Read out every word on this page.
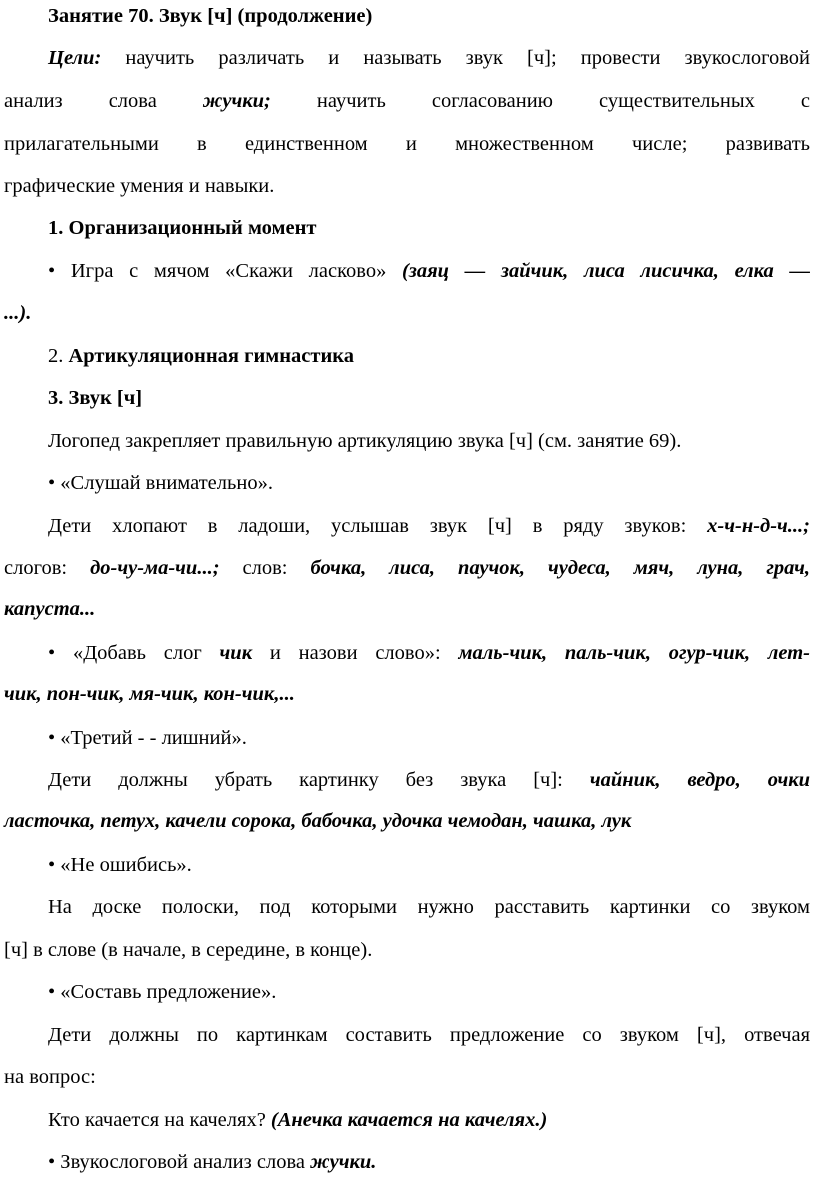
Занятие 70. Звук [ч] (продолжение)
Цели: научить различать и называть звук [ч]; провести звукослоговой
анализ слова жучки; научить согласованию существительных с
прилагательными в единственном и множественном числе; развивать
графические умения и навыки.
1. Организационный момент
• Игра с мячом «Скажи ласково» (заяц — зайчик, лиса лисичка, елка —
...).
2. Артикуляционная гимнастика
3. Звук [ч]
Логопед закрепляет правильную артикуляцию звука [ч] (см. занятие 69).
• «Слушай внимательно».
Дети хлопают в ладоши, услышав звук [ч] в ряду звуков: х-ч-н-д-ч...;
слогов: до-чу-ма-чи...; слов: бочка, лиса, паучок, чудеса, мяч, луна, грач,
капуста...
• «Добавь слог чик и назови слово»: маль-чик, паль-чик, огур-чик, лет-
чик, пон-чик, мя-чик, кон-чик,...
• «Третий - - лишний».
Дети должны убрать картинку без звука [ч]: чайник, ведро, очки
ласточка, петух, качели сорока, бабочка, удочка чемодан, чашка, лук
• «Не ошибись».
На доске полоски, под которыми нужно расставить картинки со звуком
[ч] в слове (в начале, в середине, в конце).
• «Составь предложение».
Дети должны по картинкам составить предложение со звуком [ч], отвечая
на вопрос:
Кто качается на качелях? (Анечка качается на качелях.)
• Звукослоговой анализ слова жучки.
